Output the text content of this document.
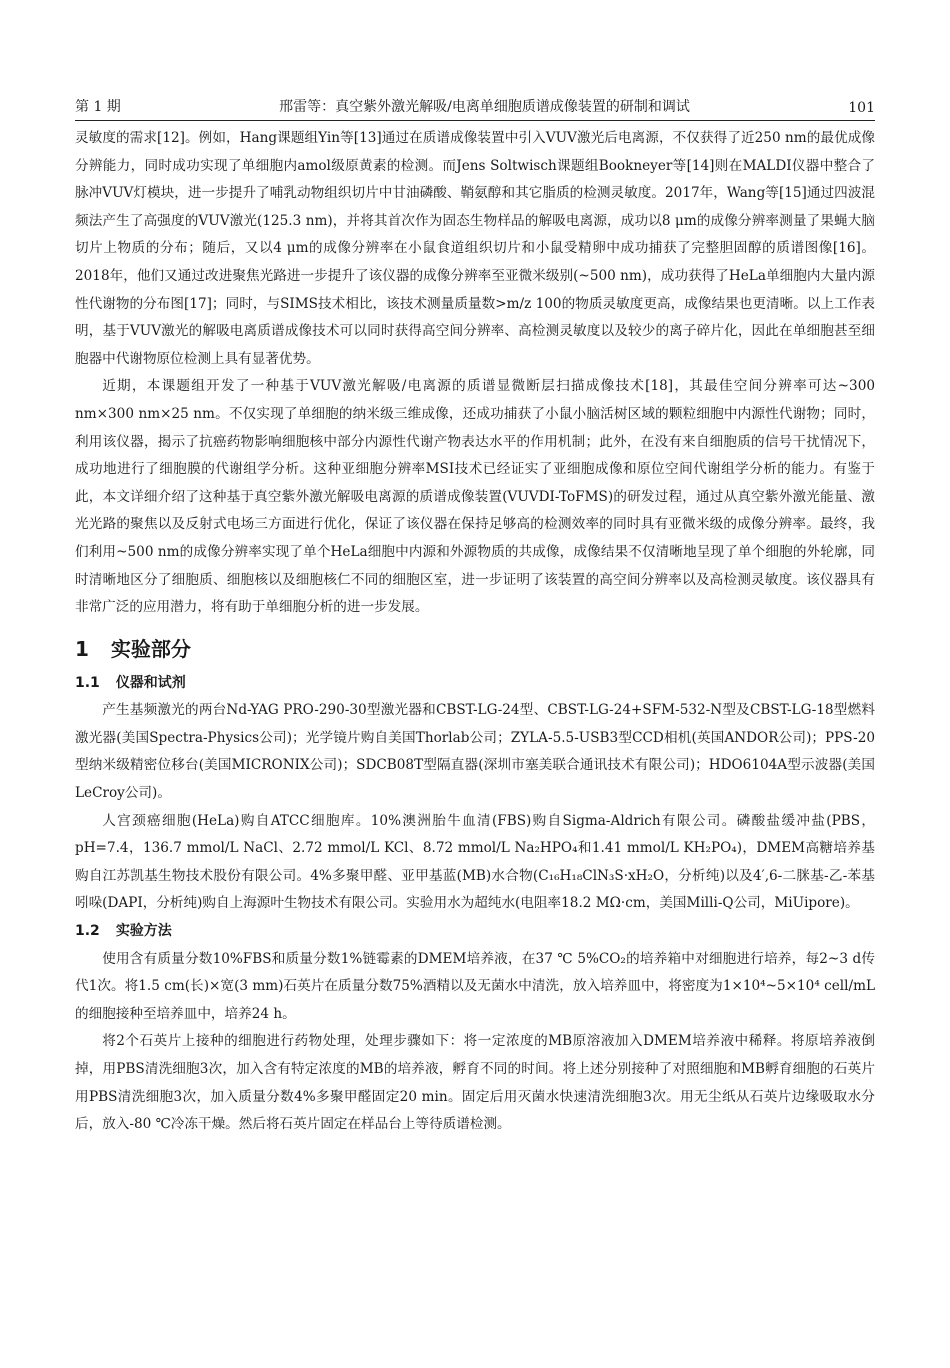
第 1 期	邢雷等：真空紫外激光解吸/电离单细胞质谱成像装置的研制和调试	101

灵敏度的需求[12]。例如，Hang课题组Yin等[13]通过在质谱成像装置中引入VUV激光后电离源，不仅获得了近250 nm的最优成像分辨能力，同时成功实现了单细胞内amol级原黄素的检测。而Jens Soltwisch课题组Bookneyer等[14]则在MALDI仪器中整合了脉冲VUV灯模块，进一步提升了哺乳动物组织切片中甘油磷酸、鞘氨醇和其它脂质的检测灵敏度。2017年，Wang等[15]通过四波混频法产生了高强度的VUV激光(125.3 nm)，并将其首次作为固态生物样品的解吸电离源，成功以8 μm的成像分辨率测量了果蝇大脑切片上物质的分布；随后，又以4 μm的成像分辨率在小鼠食道组织切片和小鼠受精卵中成功捕获了完整胆固醇的质谱图像[16]。2018年，他们又通过改进聚焦光路进一步提升了该仪器的成像分辨率至亚微米级别(~500 nm)，成功获得了HeLa单细胞内大量内源性代谢物的分布图[17]；同时，与SIMS技术相比，该技术测量质量数>m/z 100的物质灵敏度更高，成像结果也更清晰。以上工作表明，基于VUV激光的解吸电离质谱成像技术可以同时获得高空间分辨率、高检测灵敏度以及较少的离子碎片化，因此在单细胞甚至细胞器中代谢物原位检测上具有显著优势。

近期，本课题组开发了一种基于VUV激光解吸/电离源的质谱显微断层扫描成像技术[18]，其最佳空间分辨率可达~300 nm×300 nm×25 nm。不仅实现了单细胞的纳米级三维成像，还成功捕获了小鼠小脑活树区域的颗粒细胞中内源性代谢物；同时，利用该仪器，揭示了抗癌药物影响细胞核中部分内源性代谢产物表达水平的作用机制；此外，在没有来自细胞质的信号干扰情况下，成功地进行了细胞膜的代谢组学分析。这种亚细胞分辨率MSI技术已经证实了亚细胞成像和原位空间代谢组学分析的能力。有鉴于此，本文详细介绍了这种基于真空紫外激光解吸电离源的质谱成像装置(VUVDI-ToFMS)的研发过程，通过从真空紫外激光能量、激光光路的聚焦以及反射式电场三方面进行优化，保证了该仪器在保持足够高的检测效率的同时具有亚微米级的成像分辨率。最终，我们利用~500 nm的成像分辨率实现了单个HeLa细胞中内源和外源物质的共成像，成像结果不仅清晰地呈现了单个细胞的外轮廓，同时清晰地区分了细胞质、细胞核以及细胞核仁不同的细胞区室，进一步证明了该装置的高空间分辨率以及高检测灵敏度。该仪器具有非常广泛的应用潜力，将有助于单细胞分析的进一步发展。

1 实验部分
1.1 仪器和试剂

产生基频激光的两台Nd-YAG PRO-290-30型激光器和CBST-LG-24型、CBST-LG-24+SFM-532-N型及CBST-LG-18型燃料激光器(美国Spectra-Physics公司)；光学镜片购自美国Thorlab公司；ZYLA-5.5-USB3型CCD相机(英国ANDOR公司)；PPS-20型纳米级精密位移台(美国MICRONIX公司)；SDCB08T型隔直器(深圳市塞美联合通讯技术有限公司)；HDO6104A型示波器(美国LeCroy公司)。

人宫颈癌细胞(HeLa)购自ATCC细胞库。10%澳洲胎牛血清(FBS)购自Sigma-Aldrich有限公司。磷酸盐缓冲盐(PBS，pH=7.4，136.7 mmol/L NaCl、2.72 mmol/L KCl、8.72 mmol/L Na₂HPO₄和1.41 mmol/L KH₂PO₄)，DMEM高糖培养基购自江苏凯基生物技术股份有限公司。4%多聚甲醛、亚甲基蓝(MB)水合物(C₁₆H₁₈ClN₃S·xH₂O，分析纯)以及4′,6-二脒基-乙-苯基吲哚(DAPI，分析纯)购自上海源叶生物技术有限公司。实验用水为超纯水(电阻率18.2 MΩ·cm，美国Milli-Q公司，MiUipore)。

1.2 实验方法

使用含有质量分数10%FBS和质量分数1%链霉素的DMEM培养液，在37 ℃ 5%CO₂的培养箱中对细胞进行培养，每2~3 d传代1次。将1.5 cm(长)×宽(3 mm)石英片在质量分数75%酒精以及无菌水中清洗，放入培养皿中，将密度为1×10⁴~5×10⁴ cell/mL的细胞接种至培养皿中，培养24 h。

将2个石英片上接种的细胞进行药物处理，处理步骤如下：将一定浓度的MB原溶液加入DMEM培养液中稀释。将原培养液倒掉，用PBS清洗细胞3次，加入含有特定浓度的MB的培养液，孵育不同的时间。将上述分别接种了对照细胞和MB孵育细胞的石英片用PBS清洗细胞3次，加入质量分数4%多聚甲醛固定20 min。固定后用灭菌水快速清洗细胞3次。用无尘纸从石英片边缘吸取水分后，放入-80 ℃冷冻干燥。然后将石英片固定在样品台上等待质谱检测。
